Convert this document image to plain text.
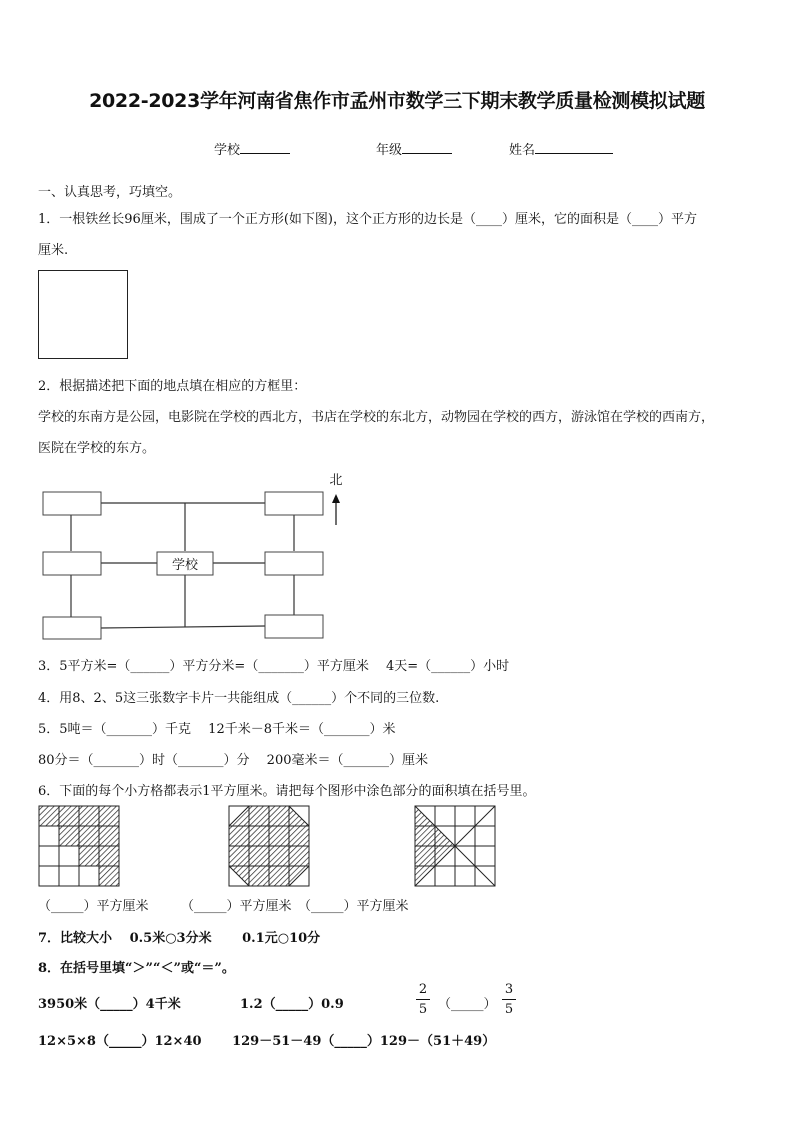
2022-2023学年河南省焦作市孟州市数学三下期末教学质量检测模拟试题
学校	年级	姓名
一、认真思考，巧填空。
1．一根铁丝长96厘米，围成了一个正方形(如下图)，这个正方形的边长是（____）厘米，它的面积是（____）平方
厘米.
2．根据描述把下面的地点填在相应的方框里：
学校的东南方是公园，电影院在学校的西北方，书店在学校的东北方，动物园在学校的西方，游泳馆在学校的西南方，
医院在学校的东方。
学校
北
3．5平方米=（______）平方分米=（_______）平方厘米　 4天=（______）小时
4．用8、2、5这三张数字卡片一共能组成（______）个不同的三位数.
5．5吨＝（_______）千克　 12千米－8千米＝（_______）米
80分＝（_______）时（_______）分　 200毫米＝（_______）厘米
6．下面的每个小方格都表示1平方厘米。请把每个图形中涂色部分的面积填在括号里。
（_____）平方厘米　　　（_____）平方厘米　（_____）平方厘米
7．比较大小　 0.5米○3分米　　 0.1元○10分
8．在括号里填“＞”“＜”或“＝”。
3950米（_____）4千米	1.2（_____）0.9
2
5 （_____）
3
5
12×5×8（_____）12×40　　 129－51－49（_____）129－（51＋49）
